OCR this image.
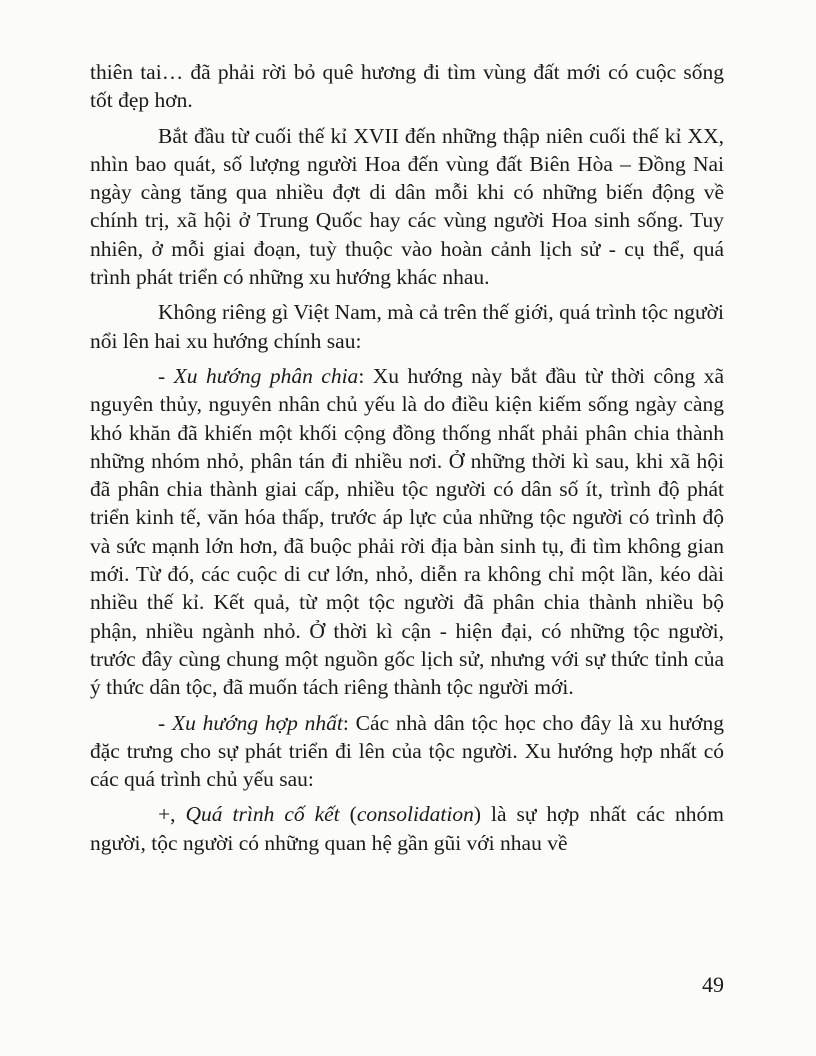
thiên tai… đã phải rời bỏ quê hương đi tìm vùng đất mới có cuộc sống tốt đẹp hơn.

Bắt đầu từ cuối thế kỉ XVII đến những thập niên cuối thế kỉ XX, nhìn bao quát, số lượng người Hoa đến vùng đất Biên Hòa – Đồng Nai ngày càng tăng qua nhiều đợt di dân mỗi khi có những biến động về chính trị, xã hội ở Trung Quốc hay các vùng người Hoa sinh sống. Tuy nhiên, ở mỗi giai đoạn, tuỳ thuộc vào hoàn cảnh lịch sử - cụ thể, quá trình phát triển có những xu hướng khác nhau.

Không riêng gì Việt Nam, mà cả trên thế giới, quá trình tộc người nổi lên hai xu hướng chính sau:

- Xu hướng phân chia: Xu hướng này bắt đầu từ thời công xã nguyên thủy, nguyên nhân chủ yếu là do điều kiện kiếm sống ngày càng khó khăn đã khiến một khối cộng đồng thống nhất phải phân chia thành những nhóm nhỏ, phân tán đi nhiều nơi. Ở những thời kì sau, khi xã hội đã phân chia thành giai cấp, nhiều tộc người có dân số ít, trình độ phát triển kinh tế, văn hóa thấp, trước áp lực của những tộc người có trình độ và sức mạnh lớn hơn, đã buộc phải rời địa bàn sinh tụ, đi tìm không gian mới. Từ đó, các cuộc di cư lớn, nhỏ, diễn ra không chỉ một lần, kéo dài nhiều thế kỉ. Kết quả, từ một tộc người đã phân chia thành nhiều bộ phận, nhiều ngành nhỏ. Ở thời kì cận - hiện đại, có những tộc người, trước đây cùng chung một nguồn gốc lịch sử, nhưng với sự thức tỉnh của ý thức dân tộc, đã muốn tách riêng thành tộc người mới.

- Xu hướng hợp nhất: Các nhà dân tộc học cho đây là xu hướng đặc trưng cho sự phát triển đi lên của tộc người. Xu hướng hợp nhất có các quá trình chủ yếu sau:

+, Quá trình cố kết (consolidation) là sự hợp nhất các nhóm người, tộc người có những quan hệ gần gũi với nhau về

49
